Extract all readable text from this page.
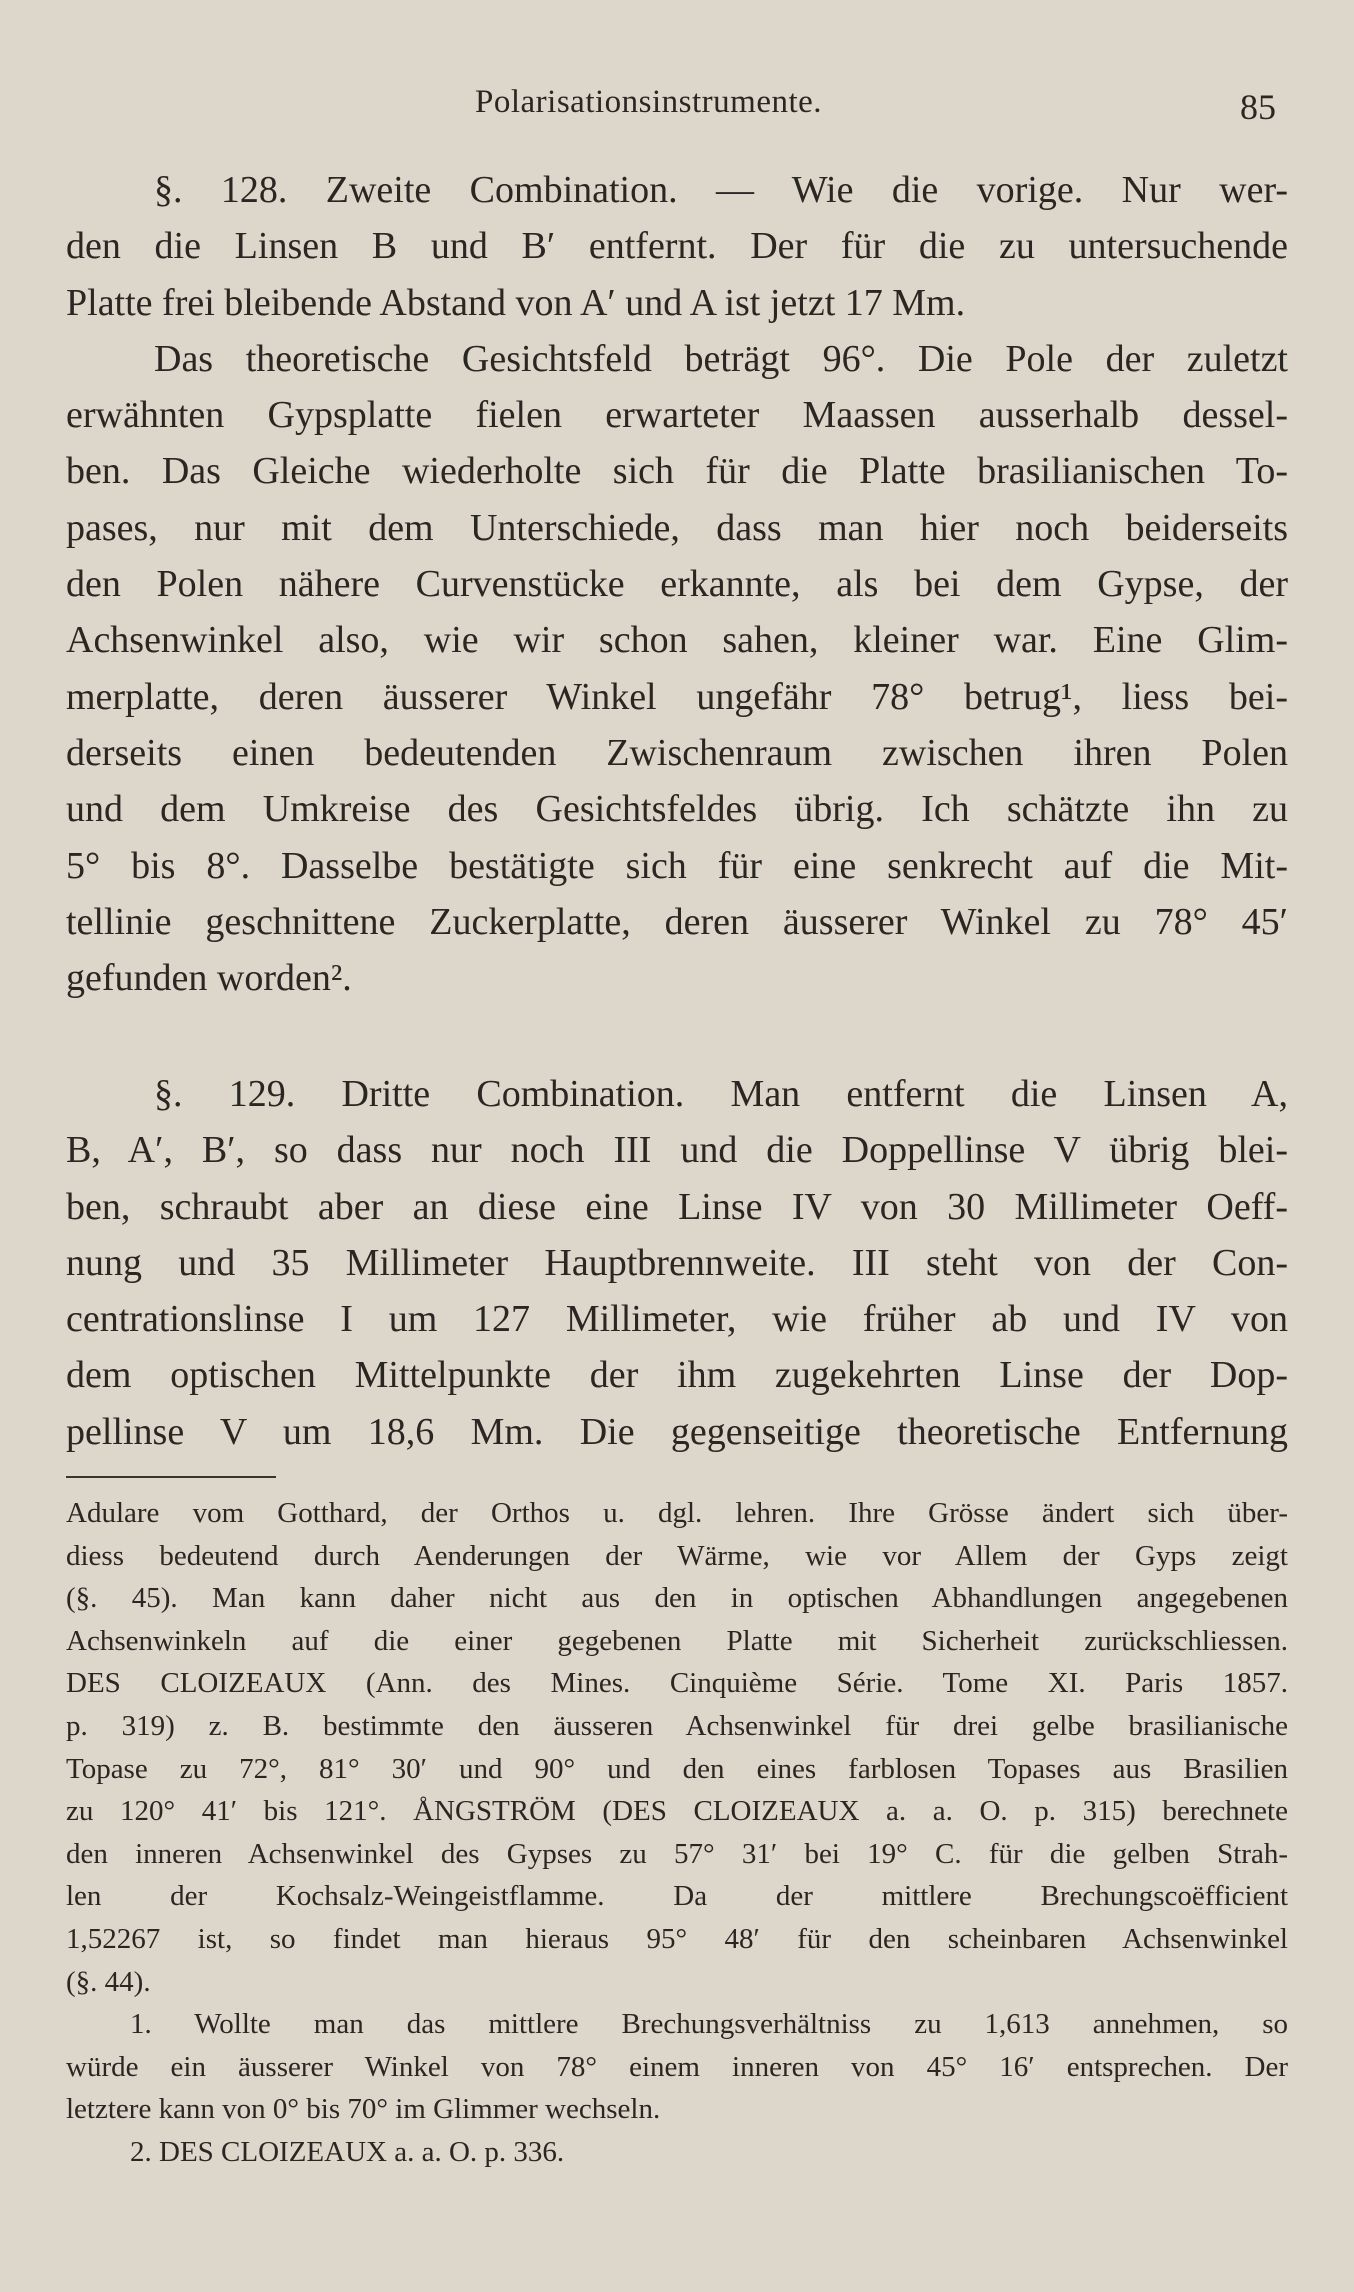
Polarisationsinstrumente.	85
§. 128. Zweite Combination. — Wie die vorige. Nur wer-
den die Linsen B und B′ entfernt. Der für die zu untersuchende
Platte frei bleibende Abstand von A′ und A ist jetzt 17 Mm.
Das theoretische Gesichtsfeld beträgt 96°. Die Pole der zuletzt
erwähnten Gypsplatte fielen erwarteter Maassen ausserhalb dessel-
ben. Das Gleiche wiederholte sich für die Platte brasilianischen To-
pases, nur mit dem Unterschiede, dass man hier noch beiderseits
den Polen nähere Curvenstücke erkannte, als bei dem Gypse, der
Achsenwinkel also, wie wir schon sahen, kleiner war. Eine Glim-
merplatte, deren äusserer Winkel ungefähr 78° betrug¹, liess bei-
derseits einen bedeutenden Zwischenraum zwischen ihren Polen
und dem Umkreise des Gesichtsfeldes übrig. Ich schätzte ihn zu
5° bis 8°. Dasselbe bestätigte sich für eine senkrecht auf die Mit-
tellinie geschnittene Zuckerplatte, deren äusserer Winkel zu 78° 45′
gefunden worden².
§. 129. Dritte Combination. Man entfernt die Linsen A,
B, A′, B′, so dass nur noch III und die Doppellinse V übrig blei-
ben, schraubt aber an diese eine Linse IV von 30 Millimeter Oeff-
nung und 35 Millimeter Hauptbrennweite. III steht von der Con-
centrationslinse I um 127 Millimeter, wie früher ab und IV von
dem optischen Mittelpunkte der ihm zugekehrten Linse der Dop-
pellinse V um 18,6 Mm. Die gegenseitige theoretische Entfernung
Adulare vom Gotthard, der Orthos u. dgl. lehren. Ihre Grösse ändert sich über-
diess bedeutend durch Aenderungen der Wärme, wie vor Allem der Gyps zeigt
(§. 45). Man kann daher nicht aus den in optischen Abhandlungen angegebenen
Achsenwinkeln auf die einer gegebenen Platte mit Sicherheit zurückschliessen.
DES CLOIZEAUX (Ann. des Mines. Cinquième Série. Tome XI. Paris 1857.
p. 319) z. B. bestimmte den äusseren Achsenwinkel für drei gelbe brasilianische
Topase zu 72°, 81° 30′ und 90° und den eines farblosen Topases aus Brasilien
zu 120° 41′ bis 121°. ÅNGSTRÖM (DES CLOIZEAUX a. a. O. p. 315) berechnete
den inneren Achsenwinkel des Gypses zu 57° 31′ bei 19° C. für die gelben Strah-
len der Kochsalz-Weingeistflamme. Da der mittlere Brechungscoëfficient
1,52267 ist, so findet man hieraus 95° 48′ für den scheinbaren Achsenwinkel
(§. 44).
1. Wollte man das mittlere Brechungsverhältniss zu 1,613 annehmen, so
würde ein äusserer Winkel von 78° einem inneren von 45° 16′ entsprechen. Der
letztere kann von 0° bis 70° im Glimmer wechseln.
2. DES CLOIZEAUX a. a. O. p. 336.
